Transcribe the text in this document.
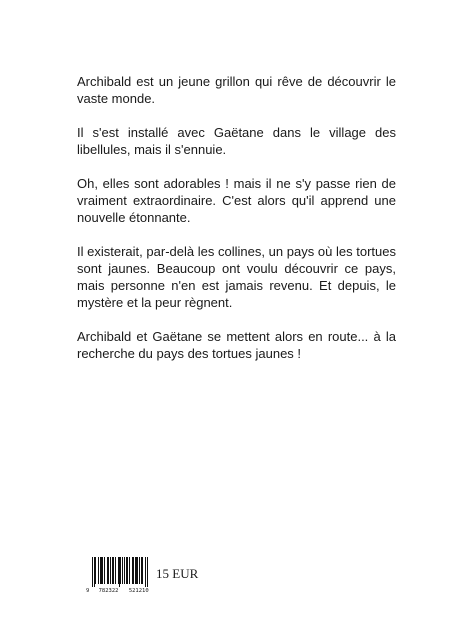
Archibald est un jeune grillon qui rêve de découvrir le vaste monde.

Il s'est installé avec Gaëtane dans le village des libellules, mais il s'ennuie.

Oh, elles sont adorables ! mais il ne s'y passe rien de vraiment extraordinaire. C'est alors qu'il apprend une nouvelle étonnante.

Il existerait, par-delà les collines, un pays où les tortues sont jaunes. Beaucoup ont voulu découvrir ce pays, mais personne n'en est jamais revenu. Et depuis, le mystère et la peur règnent.

Archibald et Gaëtane se mettent alors en route... à la recherche du pays des tortues jaunes !

9 782322 521210
15 EUR
